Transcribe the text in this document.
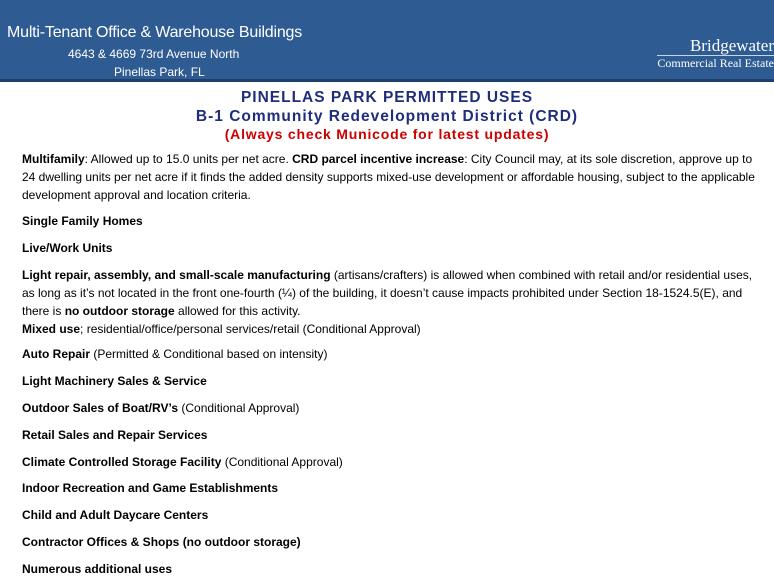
Multi-Tenant Office & Warehouse Buildings
4643 & 4669 73rd Avenue North
Pinellas Park, FL
Bridgewater
Commercial Real Estate
PINELLAS PARK PERMITTED USES
B-1 Community Redevelopment District (CRD)
(Always check Municode for latest updates)

Multifamily: Allowed up to 15.0 units per net acre. CRD parcel incentive increase: City Council may, at its sole discretion, approve up to 24 dwelling units per net acre if it finds the added density supports mixed-use development or affordable housing, subject to the applicable development approval and location criteria.

Single Family Homes
Live/Work Units

Light repair, assembly, and small-scale manufacturing (artisans/crafters) is allowed when combined with retail and/or residential uses, as long as it’s not located in the front one-fourth (¼) of the building, it doesn’t cause impacts prohibited under Section 18-1524.5(E), and there is no outdoor storage allowed for this activity.

Mixed use; residential/office/personal services/retail (Conditional Approval)
Auto Repair (Permitted & Conditional based on intensity)
Light Machinery Sales & Service
Outdoor Sales of Boat/RV’s (Conditional Approval)
Retail Sales and Repair Services
Climate Controlled Storage Facility (Conditional Approval)
Indoor Recreation and Game Establishments
Child and Adult Daycare Centers
Contractor Offices & Shops (no outdoor storage)
Numerous additional uses
